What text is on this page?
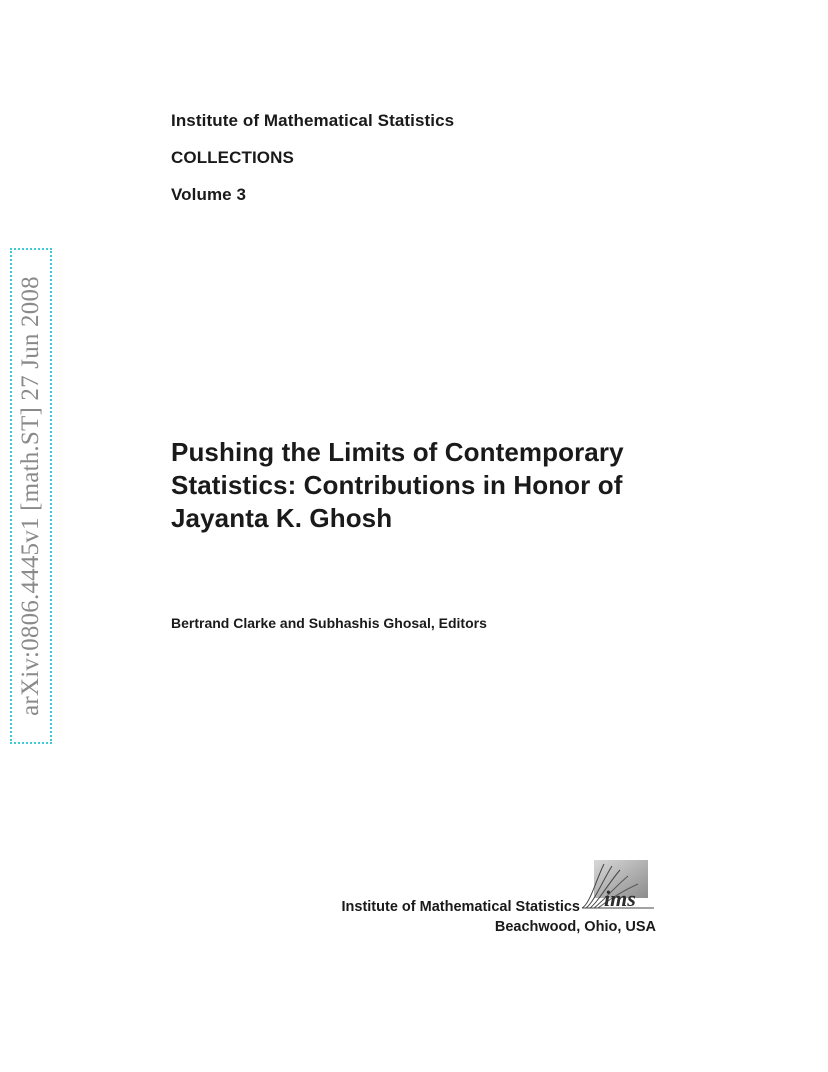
arXiv:0806.4445v1 [math.ST] 27 Jun 2008
Institute of Mathematical Statistics
COLLECTIONS
Volume 3
Pushing the Limits of Contemporary
Statistics: Contributions in Honor of
Jayanta K. Ghosh
Bertrand Clarke and Subhashis Ghosal, Editors
ims
Institute of Mathematical Statistics
Beachwood, Ohio, USA
